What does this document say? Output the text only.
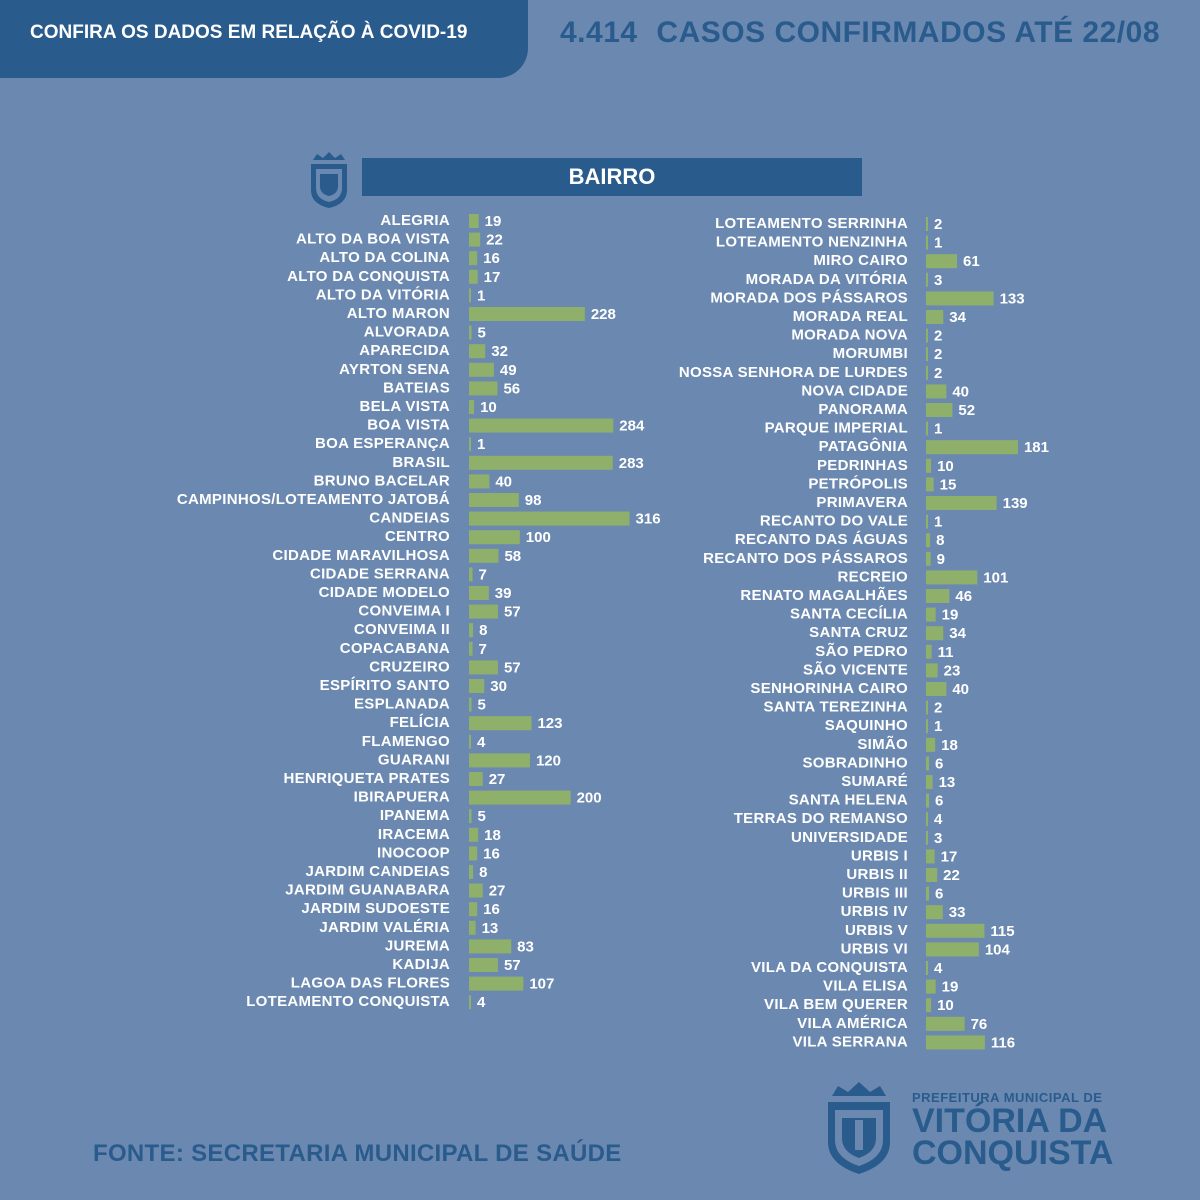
CONFIRA OS DADOS EM RELAÇÃO À COVID-19	4.414 CASOS CONFIRMADOS ATÉ 22/08
BAIRRO
ALEGRIA 19
ALTO DA BOA VISTA 22
ALTO DA COLINA 16
ALTO DA CONQUISTA 17
ALTO DA VITÓRIA 1
ALTO MARON	228
ALVORADA 5
APARECIDA	32
AYRTON SENA	49
BATEIAS	56
BELA VISTA 10
BOA VISTA	284
BOA ESPERANÇA 1
BRASIL	283
BRUNO BACELAR	40
CAMPINHOS/LOTEAMENTO JATOBÁ	98
CANDEIAS	316
CENTRO	100
CIDADE MARAVILHOSA	58
CIDADE SERRANA 7
CIDADE MODELO	39
CONVEIMA I	57
CONVEIMA II 8
COPACABANA 7
CRUZEIRO	57
ESPÍRITO SANTO	30
ESPLANADA 5
FELÍCIA	123
FLAMENGO 4
GUARANI	120
HENRIQUETA PRATES	27
IBIRAPUERA	200
IPANEMA 5
IRACEMA 18
INOCOOP 16
JARDIM CANDEIAS 8
JARDIM GUANABARA	27
JARDIM SUDOESTE 16
JARDIM VALÉRIA 13
JUREMA	83
KADIJA	57
LAGOA DAS FLORES	107
LOTEAMENTO CONQUISTA 4
LOTEAMENTO SERRINHA 2
LOTEAMENTO NENZINHA 1
MIRO CAIRO	61
MORADA DA VITÓRIA 3
MORADA DOS PÁSSAROS	133
MORADA REAL	34
MORADA NOVA 2
MORUMBI 2
NOSSA SENHORA DE LURDES 2
NOVA CIDADE	40
PANORAMA	52
PARQUE IMPERIAL 1
PATAGÔNIA	181
PEDRINHAS 10
PETRÓPOLIS 15
PRIMAVERA	139
RECANTO DO VALE 1
RECANTO DAS ÁGUAS 8
RECANTO DOS PÁSSAROS 9
RECREIO	101
RENATO MAGALHÃES	46
SANTA CECÍLIA 19
SANTA CRUZ	34
SÃO PEDRO 11
SÃO VICENTE 23
SENHORINHA CAIRO	40
SANTA TEREZINHA 2
SAQUINHO 1
SIMÃO 18
SOBRADINHO 6
SUMARÉ 13
SANTA HELENA 6
TERRAS DO REMANSO 4
UNIVERSIDADE 3
URBIS I 17
URBIS II 22
URBIS III 6
URBIS IV	33
URBIS V	115
URBIS VI	104
VILA DA CONQUISTA 4
VILA ELISA 19
VILA BEM QUERER 10
VILA AMÉRICA	76
VILA SERRANA	116
FONTE: SECRETARIA MUNICIPAL DE SAÚDE
PREFEITURA MUNICIPAL DE
VITÓRIA DA
CONQUISTA
